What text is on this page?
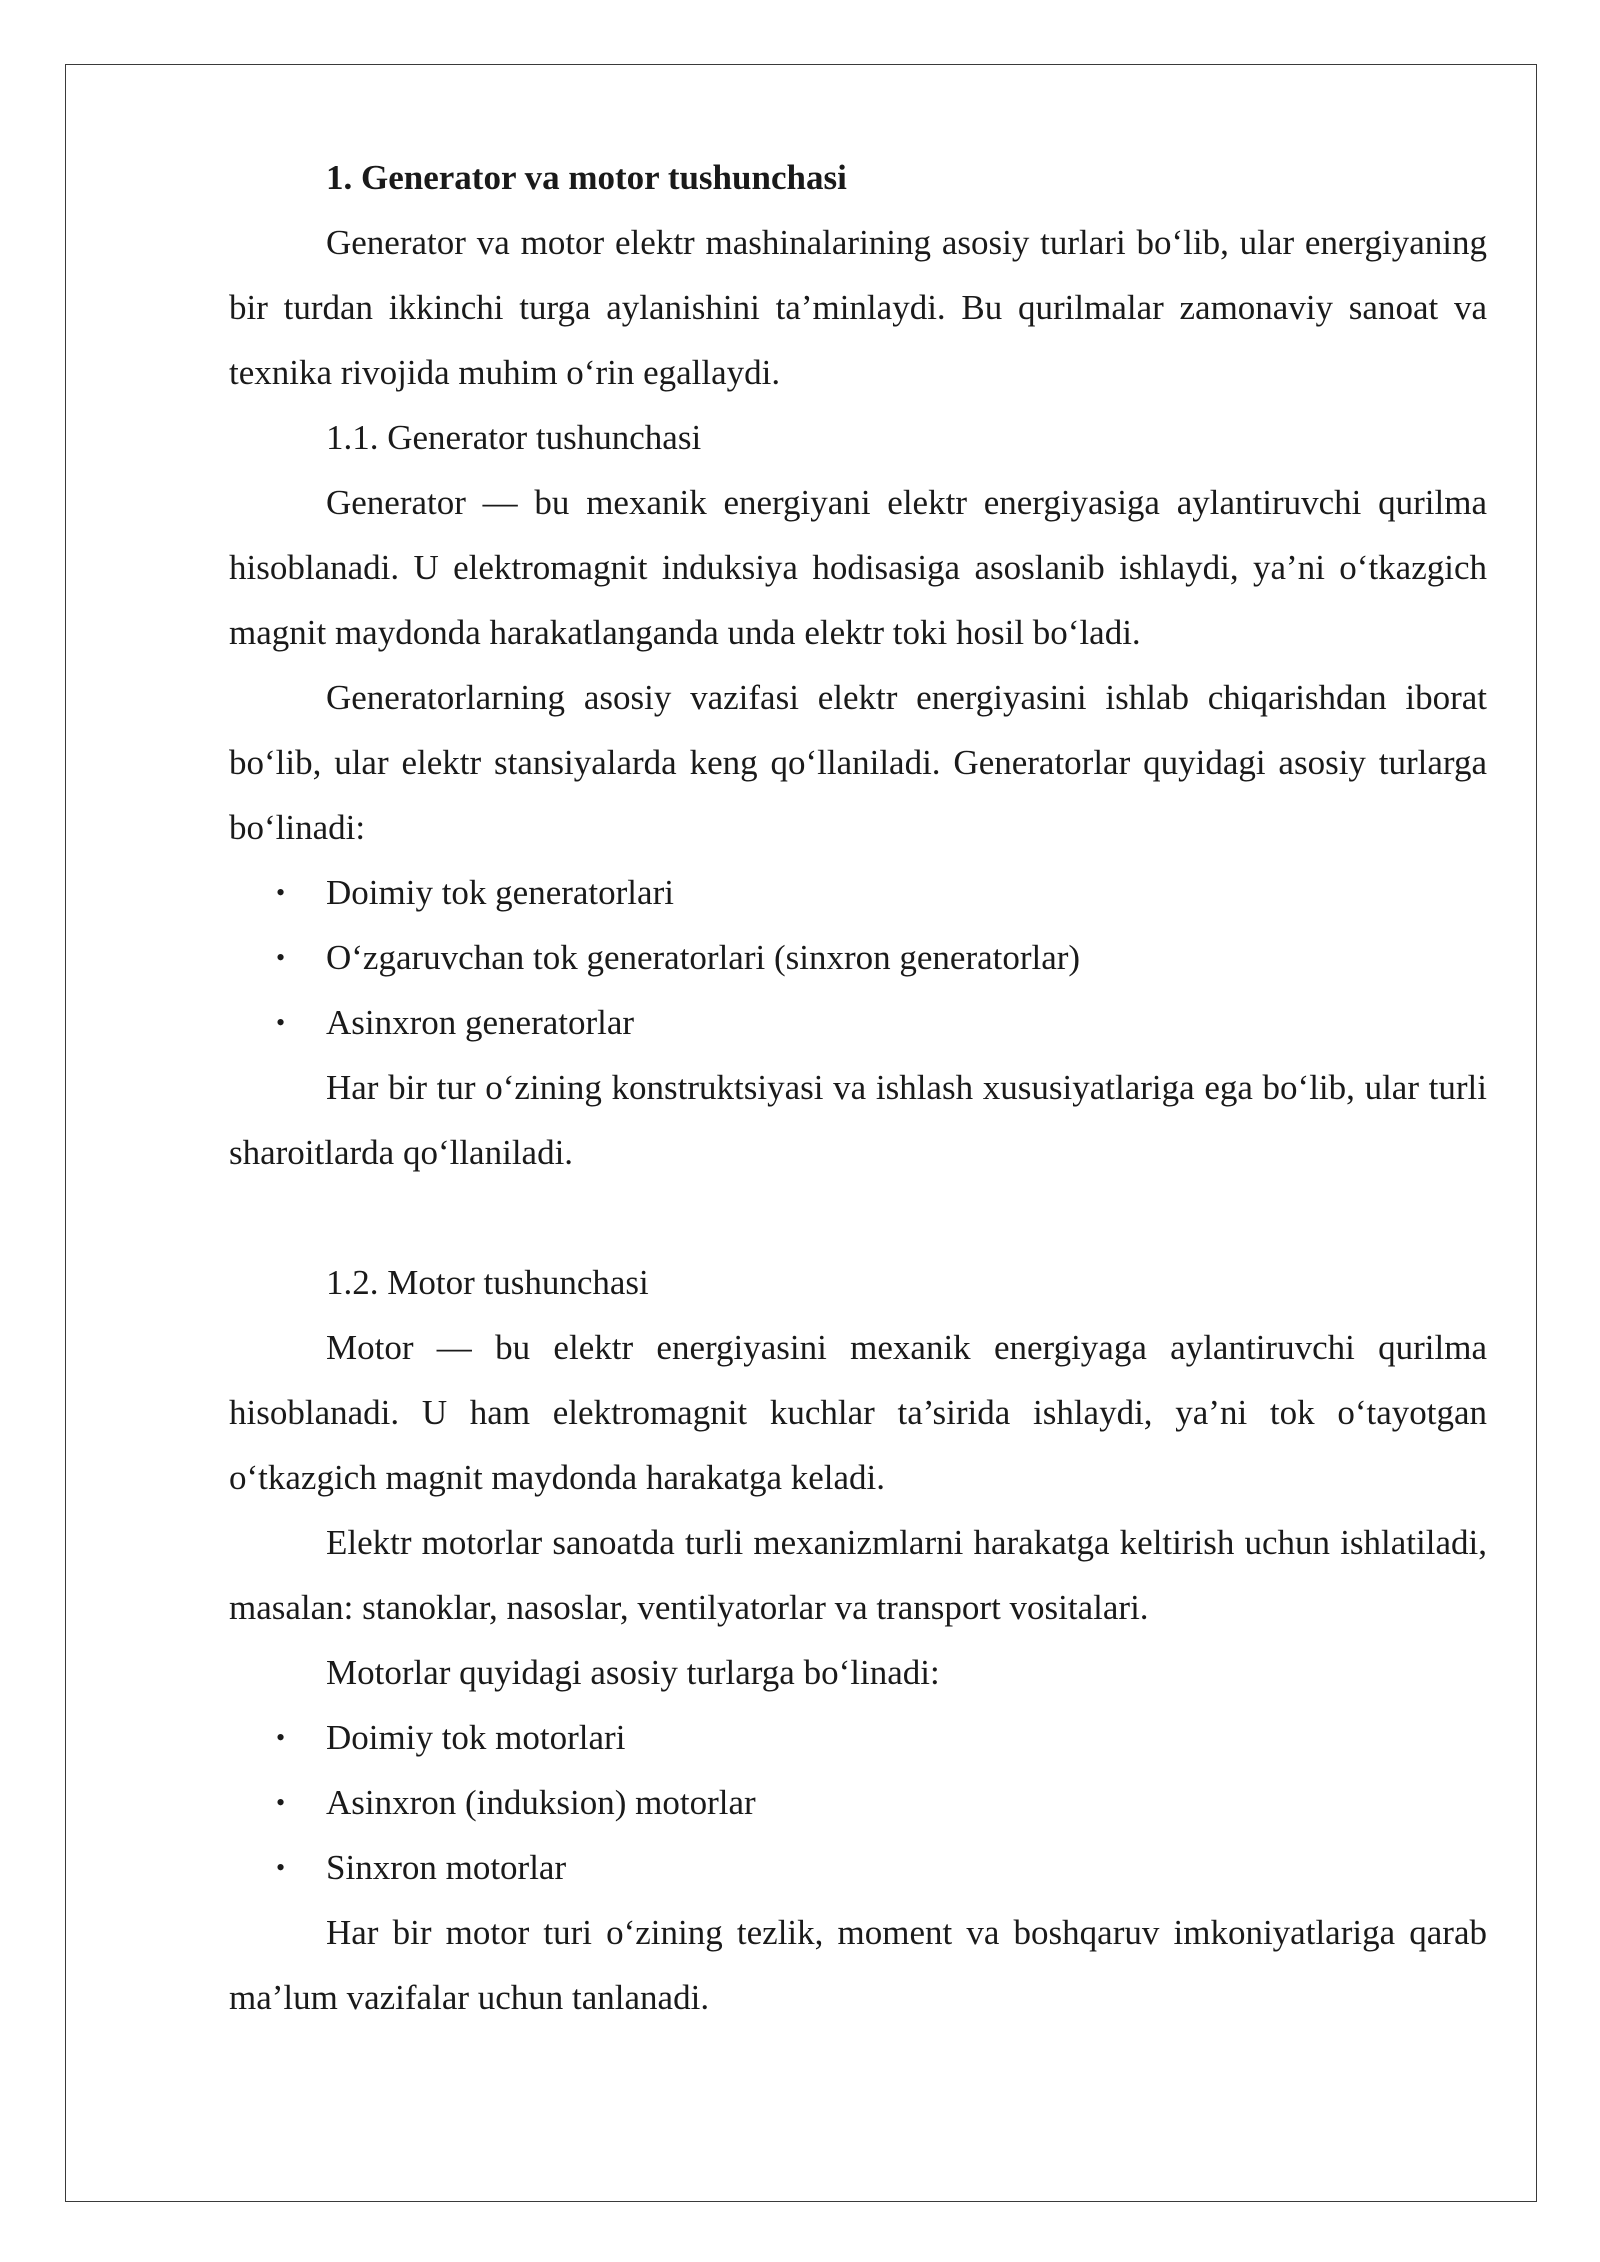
1. Generator va motor tushunchasi

Generator va motor elektr mashinalarining asosiy turlari bo‘lib, ular energiyaning bir turdan ikkinchi turga aylanishini ta’minlaydi. Bu qurilmalar zamonaviy sanoat va texnika rivojida muhim o‘rin egallaydi.

1.1. Generator tushunchasi

Generator — bu mexanik energiyani elektr energiyasiga aylantiruvchi qurilma hisoblanadi. U elektromagnit induksiya hodisasiga asoslanib ishlaydi, ya’ni o‘tkazgich magnit maydonda harakatlanganda unda elektr toki hosil bo‘ladi.

Generatorlarning asosiy vazifasi elektr energiyasini ishlab chiqarishdan iborat bo‘lib, ular elektr stansiyalarda keng qo‘llaniladi. Generatorlar quyidagi asosiy turlarga bo‘linadi:

• Doimiy tok generatorlari
• O‘zgaruvchan tok generatorlari (sinxron generatorlar)
• Asinxron generatorlar

Har bir tur o‘zining konstruktsiyasi va ishlash xususiyatlariga ega bo‘lib, ular turli sharoitlarda qo‘llaniladi.

1.2. Motor tushunchasi

Motor — bu elektr energiyasini mexanik energiyaga aylantiruvchi qurilma hisoblanadi. U ham elektromagnit kuchlar ta’sirida ishlaydi, ya’ni tok o‘tayotgan o‘tkazgich magnit maydonda harakatga keladi.

Elektr motorlar sanoatda turli mexanizmlarni harakatga keltirish uchun ishlatiladi, masalan: stanoklar, nasoslar, ventilyatorlar va transport vositalari.

Motorlar quyidagi asosiy turlarga bo‘linadi:

• Doimiy tok motorlari
• Asinxron (induksion) motorlar
• Sinxron motorlar

Har bir motor turi o‘zining tezlik, moment va boshqaruv imkoniyatlariga qarab ma’lum vazifalar uchun tanlanadi.
